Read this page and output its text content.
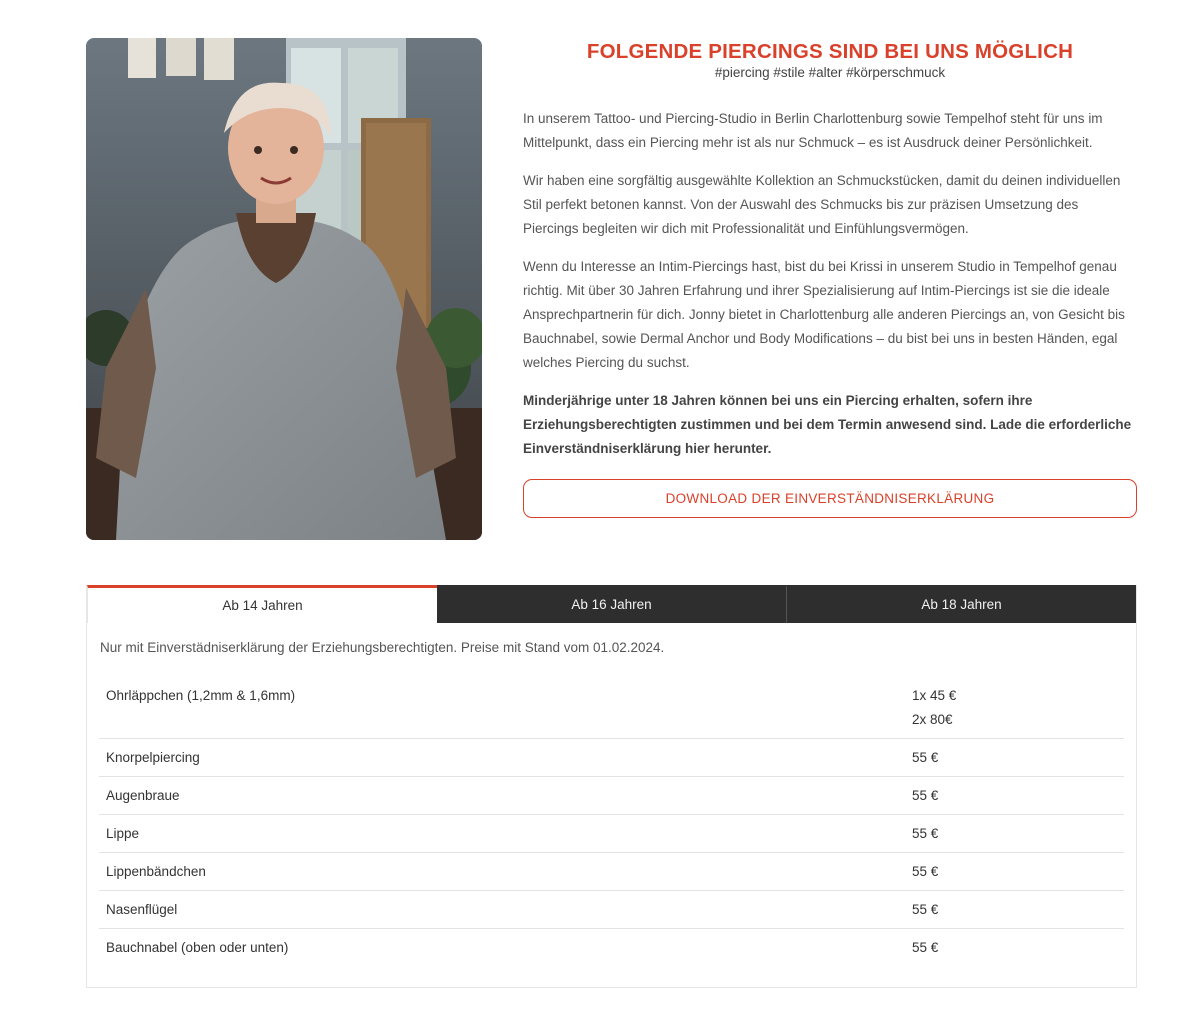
FOLGENDE PIERCINGS SIND BEI UNS MÖGLICH
#piercing #stile #alter #körperschmuck

In unserem Tattoo- und Piercing-Studio in Berlin Charlottenburg sowie Tempelhof steht für uns im Mittelpunkt, dass ein Piercing mehr ist als nur Schmuck – es ist Ausdruck deiner Persönlichkeit.

Wir haben eine sorgfältig ausgewählte Kollektion an Schmuckstücken, damit du deinen individuellen Stil perfekt betonen kannst. Von der Auswahl des Schmucks bis zur präzisen Umsetzung des Piercings begleiten wir dich mit Professionalität und Einfühlungsvermögen.

Wenn du Interesse an Intim-Piercings hast, bist du bei Krissi in unserem Studio in Tempelhof genau richtig. Mit über 30 Jahren Erfahrung und ihrer Spezialisierung auf Intim-Piercings ist sie die ideale Ansprechpartnerin für dich. Jonny bietet in Charlottenburg alle anderen Piercings an, von Gesicht bis Bauchnabel, sowie Dermal Anchor und Body Modifications – du bist bei uns in besten Händen, egal welches Piercing du suchst.

Minderjährige unter 18 Jahren können bei uns ein Piercing erhalten, sofern ihre Erziehungsberechtigten zustimmen und bei dem Termin anwesend sind. Lade die erforderliche Einverständniserklärung hier herunter.

DOWNLOAD DER EINVERSTÄNDNISERKLÄRUNG
Ab 14 Jahren	Ab 16 Jahren	Ab 18 Jahren
Nur mit Einverstädniserklärung der Erziehungsberechtigten. Preise mit Stand vom 01.02.2024.
Ohrläppchen (1,2mm & 1,6mm)	1x 45 €
2x 80€
Knorpelpiercing	55 €
Augenbraue	55 €
Lippe	55 €
Lippenbändchen	55 €
Nasenflügel	55 €
Bauchnabel (oben oder unten)	55 €
